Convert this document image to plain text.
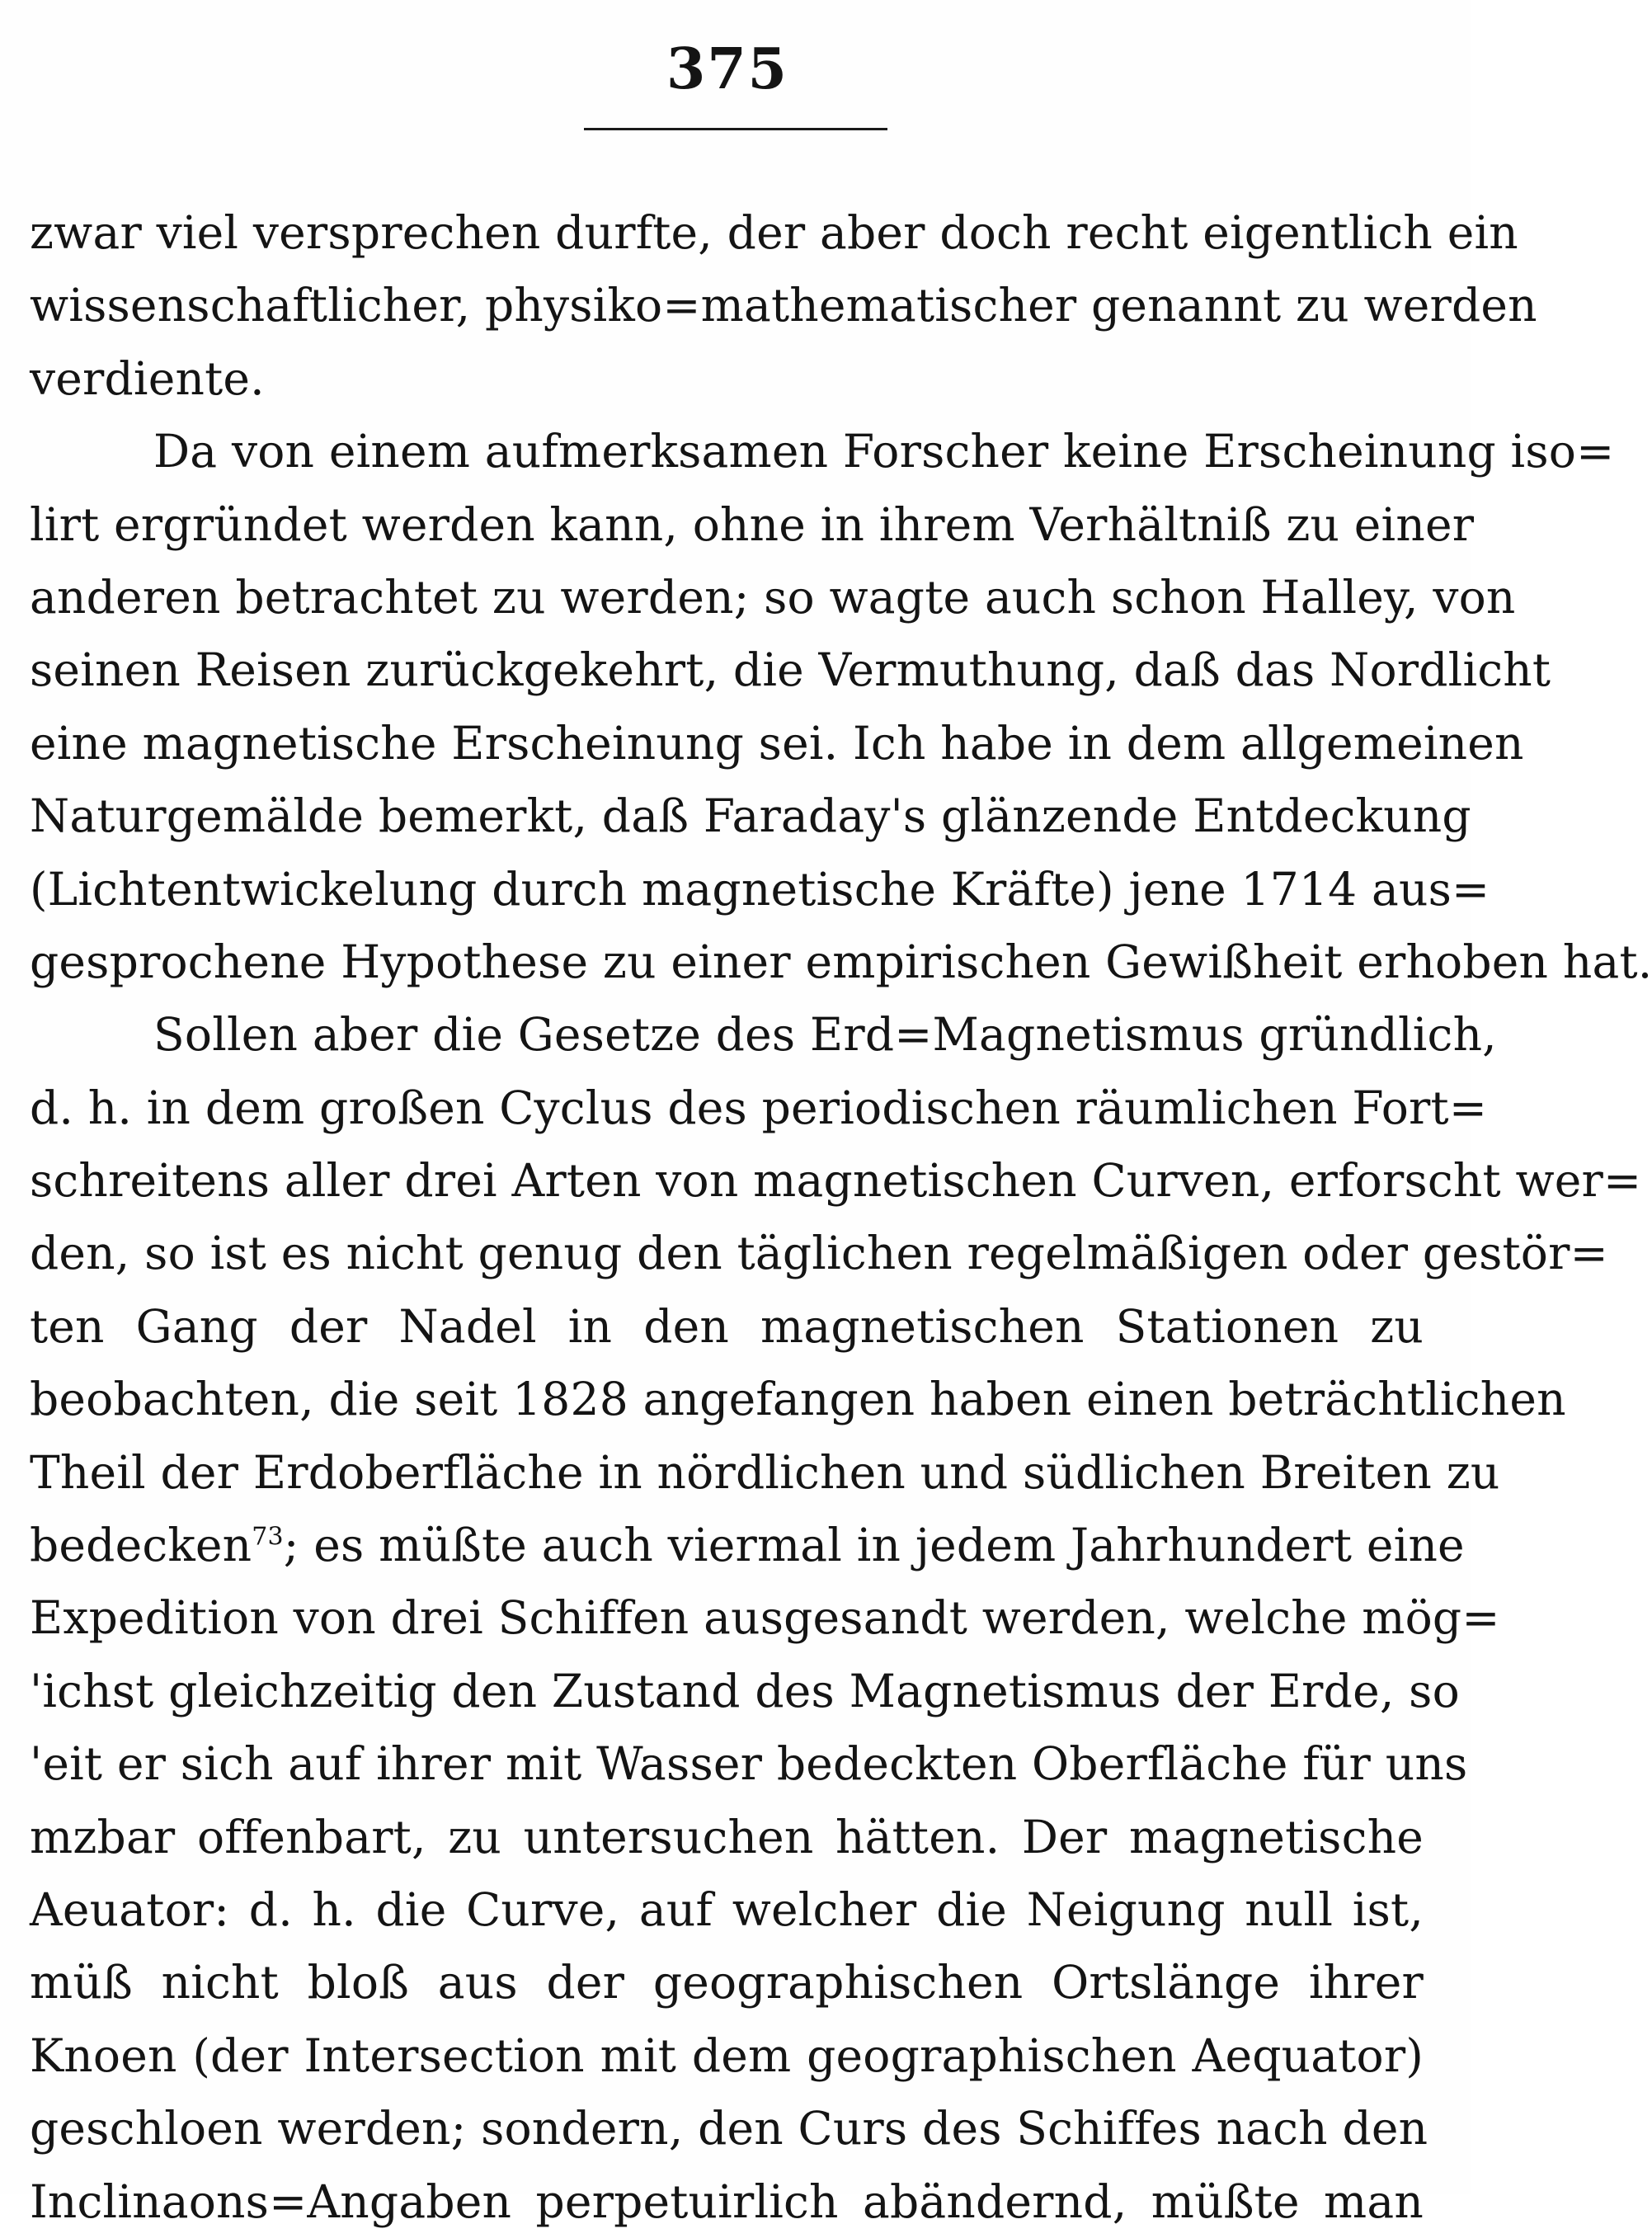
375
zwar viel versprechen durfte, der aber doch recht eigentlich ein
wissenschaftlicher, physiko=mathematischer genannt zu werden
verdiente.
Da von einem aufmerksamen Forscher keine Erscheinung iso=
lirt ergründet werden kann, ohne in ihrem Verhältniß zu einer
anderen betrachtet zu werden; so wagte auch schon Halley, von
seinen Reisen zurückgekehrt, die Vermuthung, daß das Nordlicht
eine magnetische Erscheinung sei. Ich habe in dem allgemeinen
Naturgemälde bemerkt, daß Faraday's glänzende Entdeckung
(Lichtentwickelung durch magnetische Kräfte) jene 1714 aus=
gesprochene Hypothese zu einer empirischen Gewißheit erhoben hat.
Sollen aber die Gesetze des Erd=Magnetismus gründlich,
d. h. in dem großen Cyclus des periodischen räumlichen Fort=
schreitens aller drei Arten von magnetischen Curven, erforscht wer=
den, so ist es nicht genug den täglichen regelmäßigen oder gestör=
ten Gang der Nadel in den magnetischen Stationen zu
beobachten, die seit 1828 angefangen haben einen beträchtlichen
Theil der Erdoberfläche in nördlichen und südlichen Breiten zu
bedecken$^{73}$; es müßte auch viermal in jedem Jahrhundert eine
Expedition von drei Schiffen ausgesandt werden, welche mög=
'ichst gleichzeitig den Zustand des Magnetismus der Erde, so
'eit er sich auf ihrer mit Wasser bedeckten Oberfläche für uns
mzbar offenbart, zu untersuchen hätten. Der magnetische
Aeuator: d. h. die Curve, auf welcher die Neigung null ist,
müß nicht bloß aus der geographischen Ortslänge ihrer
Knoen (der Intersection mit dem geographischen Aequator)
geschloen werden; sondern, den Curs des Schiffes nach den
Inclinaons=Angaben perpetuirlich abändernd, müßte man
